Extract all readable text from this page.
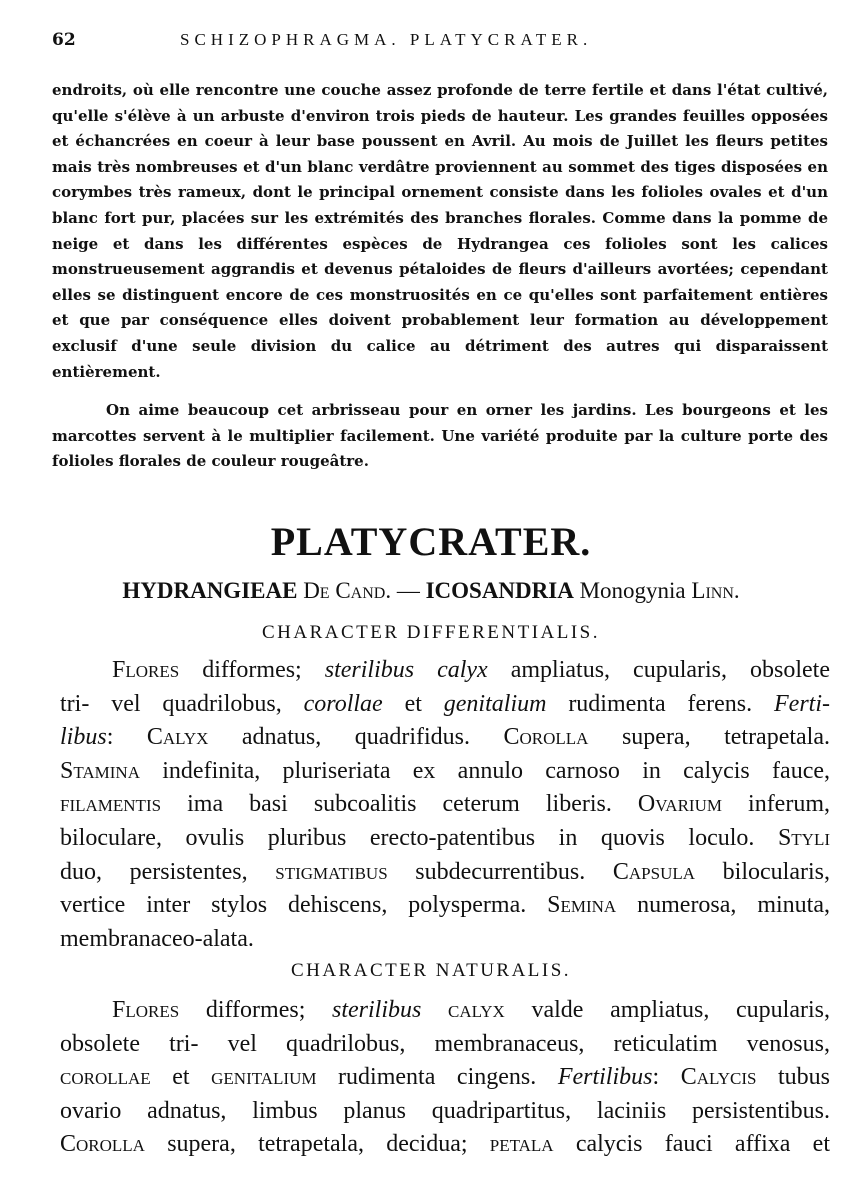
62	SCHIZOPHRAGMA. PLATYCRATER.

endroits, où elle rencontre une couche assez profonde de terre fertile et dans l'état cultivé, qu'elle s'élève à un arbuste d'environ trois pieds de hauteur. Les grandes feuilles opposées et échancrées en coeur à leur base poussent en Avril. Au mois de Juillet les fleurs petites mais très nombreuses et d'un blanc verdâtre proviennent au sommet des tiges disposées en corymbes très rameux, dont le principal ornement consiste dans les folioles ovales et d'un blanc fort pur, placées sur les extrémités des branches florales. Comme dans la pomme de neige et dans les différentes espèces de Hydrangea ces folioles sont les calices monstrueusement aggrandis et devenus pétaloides de fleurs d'ailleurs avortées; cependant elles se distinguent encore de ces monstruosités en ce qu'elles sont parfaitement entières et que par conséquence elles doivent probablement leur formation au développement exclusif d'une seule division du calice au détriment des autres qui disparaissent entièrement.

On aime beaucoup cet arbrisseau pour en orner les jardins. Les bourgeons et les marcottes servent à le multiplier facilement. Une variété produite par la culture porte des folioles florales de couleur rougeâtre.

PLATYCRATER.
HYDRANGIEAE De Cand. — ICOSANDRIA Monogynia Linn.
CHARACTER DIFFERENTIALIS.
Flores difformes; sterilibus calyx ampliatus, cupularis, obsolete
tri- vel quadrilobus, corollae et genitalium rudimenta ferens. Ferti-
libus: Calyx adnatus, quadrifidus. Corolla supera, tetrapetala.
Stamina indefinita, pluriseriata ex annulo carnoso in calycis fauce,
filamentis ima basi subcoalitis ceterum liberis. Ovarium inferum,
biloculare, ovulis pluribus erecto-patentibus in quovis loculo. Styli
duo, persistentes, stigmatibus subdecurrentibus. Capsula bilocularis,
vertice inter stylos dehiscens, polysperma. Semina numerosa, minuta,
membranaceo-alata.
CHARACTER NATURALIS.
Flores difformes; sterilibus calyx valde ampliatus, cupularis,
obsolete tri- vel quadrilobus, membranaceus, reticulatim venosus,
corollae et genitalium rudimenta cingens. Fertilibus: Calycis tubus
ovario adnatus, limbus planus quadripartitus, laciniis persistentibus.
Corolla supera, tetrapetala, decidua; petala calycis fauci affixa et
